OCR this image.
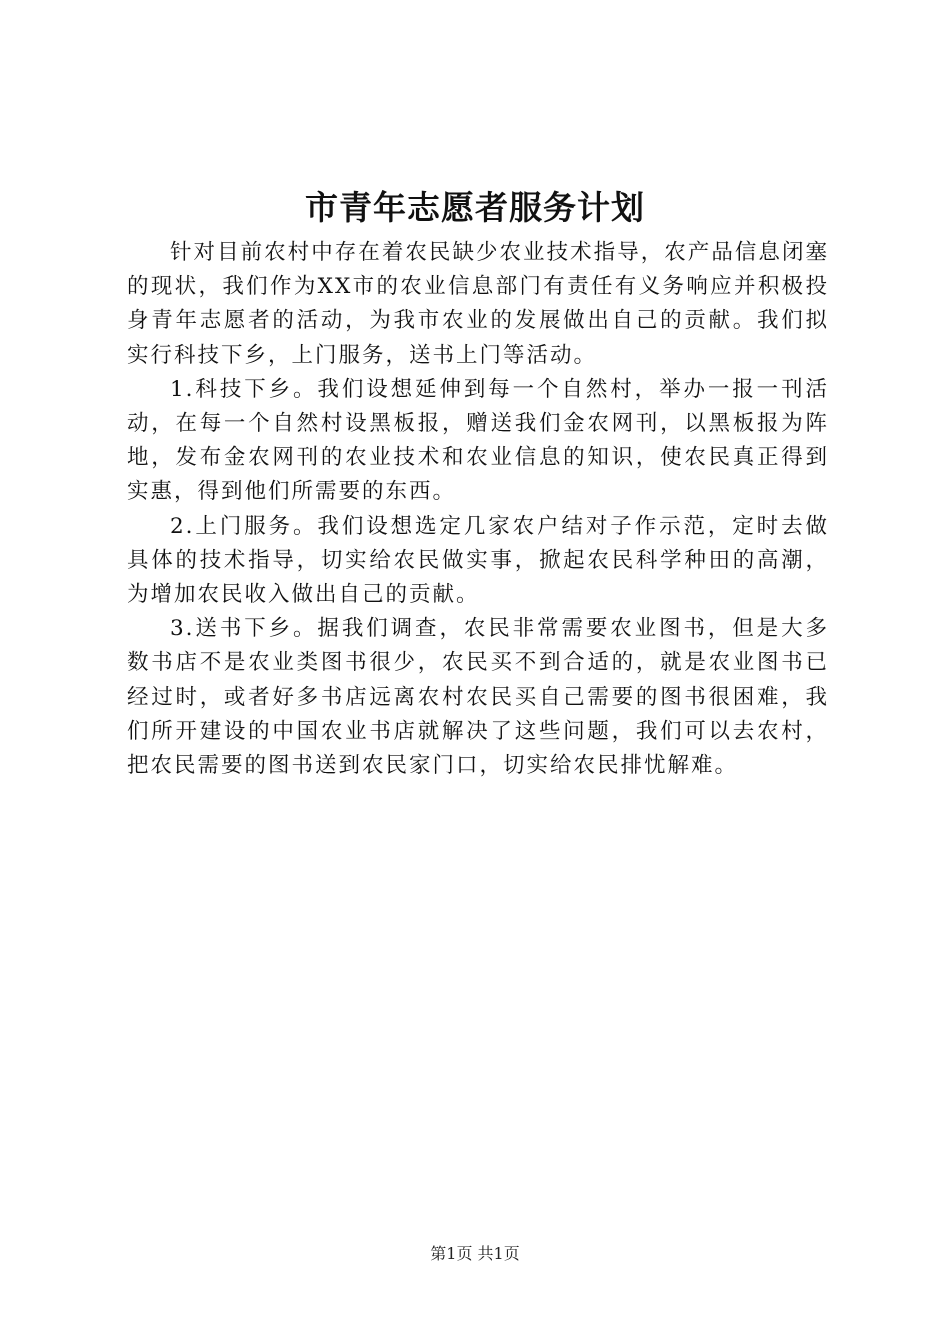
市青年志愿者服务计划

针对目前农村中存在着农民缺少农业技术指导，农产品信息闭塞的现状，我们作为XX市的农业信息部门有责任有义务响应并积极投身青年志愿者的活动，为我市农业的发展做出自己的贡献。我们拟实行科技下乡，上门服务，送书上门等活动。

1.科技下乡。我们设想延伸到每一个自然村，举办一报一刊活动，在每一个自然村设黑板报，赠送我们金农网刊，以黑板报为阵地，发布金农网刊的农业技术和农业信息的知识，使农民真正得到实惠，得到他们所需要的东西。

2.上门服务。我们设想选定几家农户结对子作示范，定时去做具体的技术指导，切实给农民做实事，掀起农民科学种田的高潮，为增加农民收入做出自己的贡献。

3.送书下乡。据我们调查，农民非常需要农业图书，但是大多数书店不是农业类图书很少，农民买不到合适的，就是农业图书已经过时，或者好多书店远离农村农民买自己需要的图书很困难，我们所开建设的中国农业书店就解决了这些问题，我们可以去农村，把农民需要的图书送到农民家门口，切实给农民排忧解难。

第1页 共1页
